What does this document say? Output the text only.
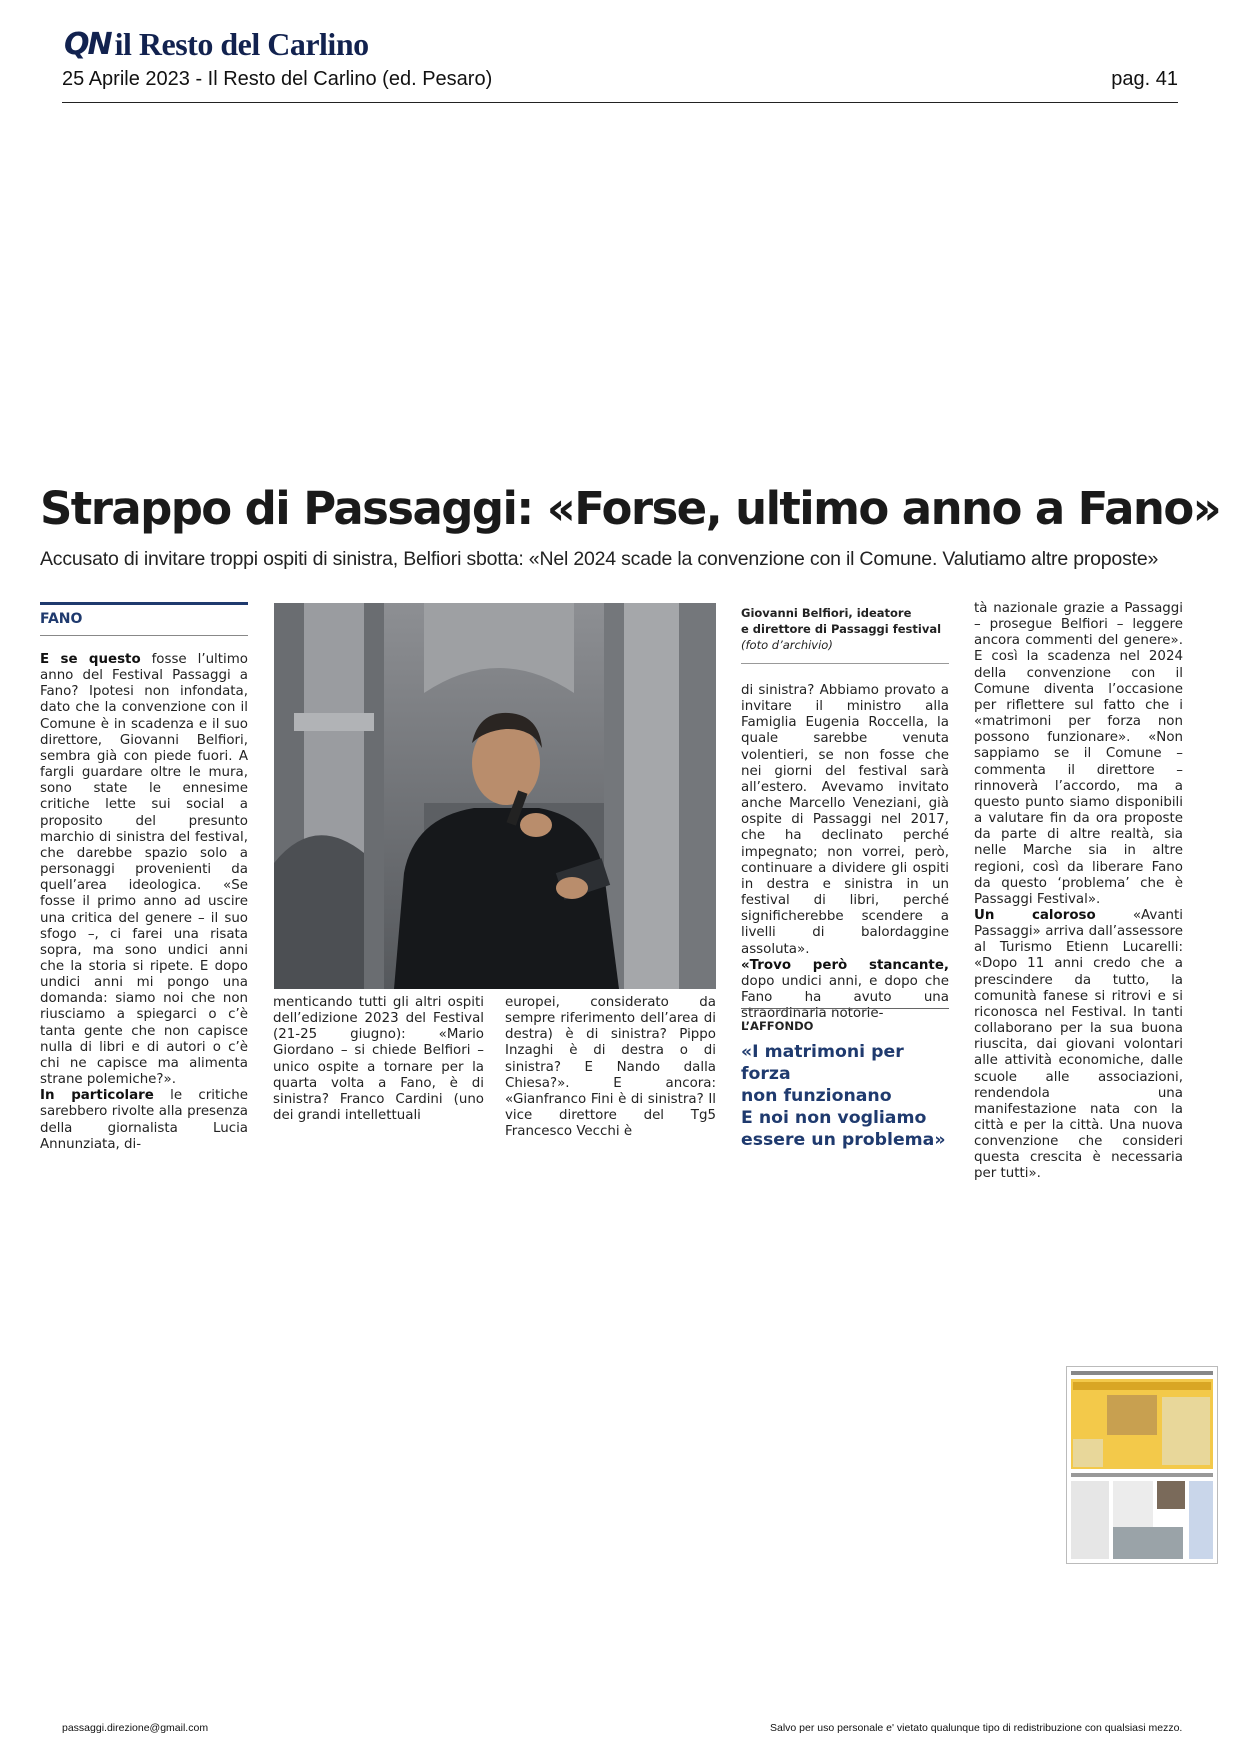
QN il Resto del Carlino
25 Aprile 2023 - Il Resto del Carlino (ed. Pesaro)	pag. 41
Strappo di Passaggi: «Forse, ultimo anno a Fano»
Accusato di invitare troppi ospiti di sinistra, Belfiori sbotta: «Nel 2024 scade la convenzione con il Comune. Valutiamo altre proposte»
FANO

E se questo fosse l’ultimo anno del Festival Passaggi a Fano? Ipotesi non infondata, dato che la convenzione con il Comune è in scadenza e il suo direttore, Giovanni Belfiori, sembra già con piede fuori. A fargli guardare oltre le mura, sono state le ennesime critiche lette sui social a proposito del presunto marchio di sinistra del festival, che darebbe spazio solo a personaggi provenienti da quell’area ideologica. «Se fosse il primo anno ad uscire una critica del genere – il suo sfogo –, ci farei una risata sopra, ma sono undici anni che la storia si ripete. E dopo undici anni mi pongo una domanda: siamo noi che non riusciamo a spiegarci o c’è tanta gente che non capisce nulla di libri e di autori o c’è chi ne capisce ma alimenta strane polemiche?».

In particolare le critiche sarebbero rivolte alla presenza della giornalista Lucia Annunziata, di-

menticando tutti gli altri ospiti dell’edizione 2023 del Festival (21-25 giugno): «Mario Giordano – si chiede Belfiori – unico ospite a tornare per la quarta volta a Fano, è di sinistra? Franco Cardini (uno dei grandi intellettuali

europei, considerato da sempre riferimento dell’area di destra) è di sinistra? Pippo Inzaghi è di destra o di sinistra? E Nando dalla Chiesa?». E ancora: «Gianfranco Fini è di sinistra? Il vice direttore del Tg5 Francesco Vecchi è

Giovanni Belfiori, ideatore
e direttore di Passaggi festival
(foto d’archivio)

di sinistra? Abbiamo provato a invitare il ministro alla Famiglia Eugenia Roccella, la quale sarebbe venuta volentieri, se non fosse che nei giorni del festival sarà all’estero. Avevamo invitato anche Marcello Veneziani, già ospite di Passaggi nel 2017, che ha declinato perché impegnato; non vorrei, però, continuare a dividere gli ospiti in destra e sinistra in un festival di libri, perché significherebbe scendere a livelli di balordaggine assoluta».

«Trovo però stancante, dopo undici anni, e dopo che Fano ha avuto una straordinaria notorie-

L’AFFONDO
«I matrimoni per forza
non funzionano
E noi non vogliamo
essere un problema»

tà nazionale grazie a Passaggi – prosegue Belfiori – leggere ancora commenti del genere». E così la scadenza nel 2024 della convenzione con il Comune diventa l’occasione per riflettere sul fatto che i «matrimoni per forza non possono funzionare». «Non sappiamo se il Comune – commenta il direttore – rinnoverà l’accordo, ma a questo punto siamo disponibili a valutare fin da ora proposte da parte di altre realtà, sia nelle Marche sia in altre regioni, così da liberare Fano da questo ‘problema’ che è Passaggi Festival».

Un caloroso «Avanti Passaggi» arriva dall’assessore al Turismo Etienn Lucarelli: «Dopo 11 anni credo che a prescindere da tutto, la comunità fanese si ritrovi e si riconosca nel Festival. In tanti collaborano per la sua buona riuscita, dai giovani volontari alle attività economiche, dalle scuole alle associazioni, rendendola una manifestazione nata con la città e per la città. Una nuova convenzione che consideri questa crescita è necessaria per tutti».

passaggi.direzione@gmail.com	Salvo per uso personale e' vietato qualunque tipo di redistribuzione con qualsiasi mezzo.
